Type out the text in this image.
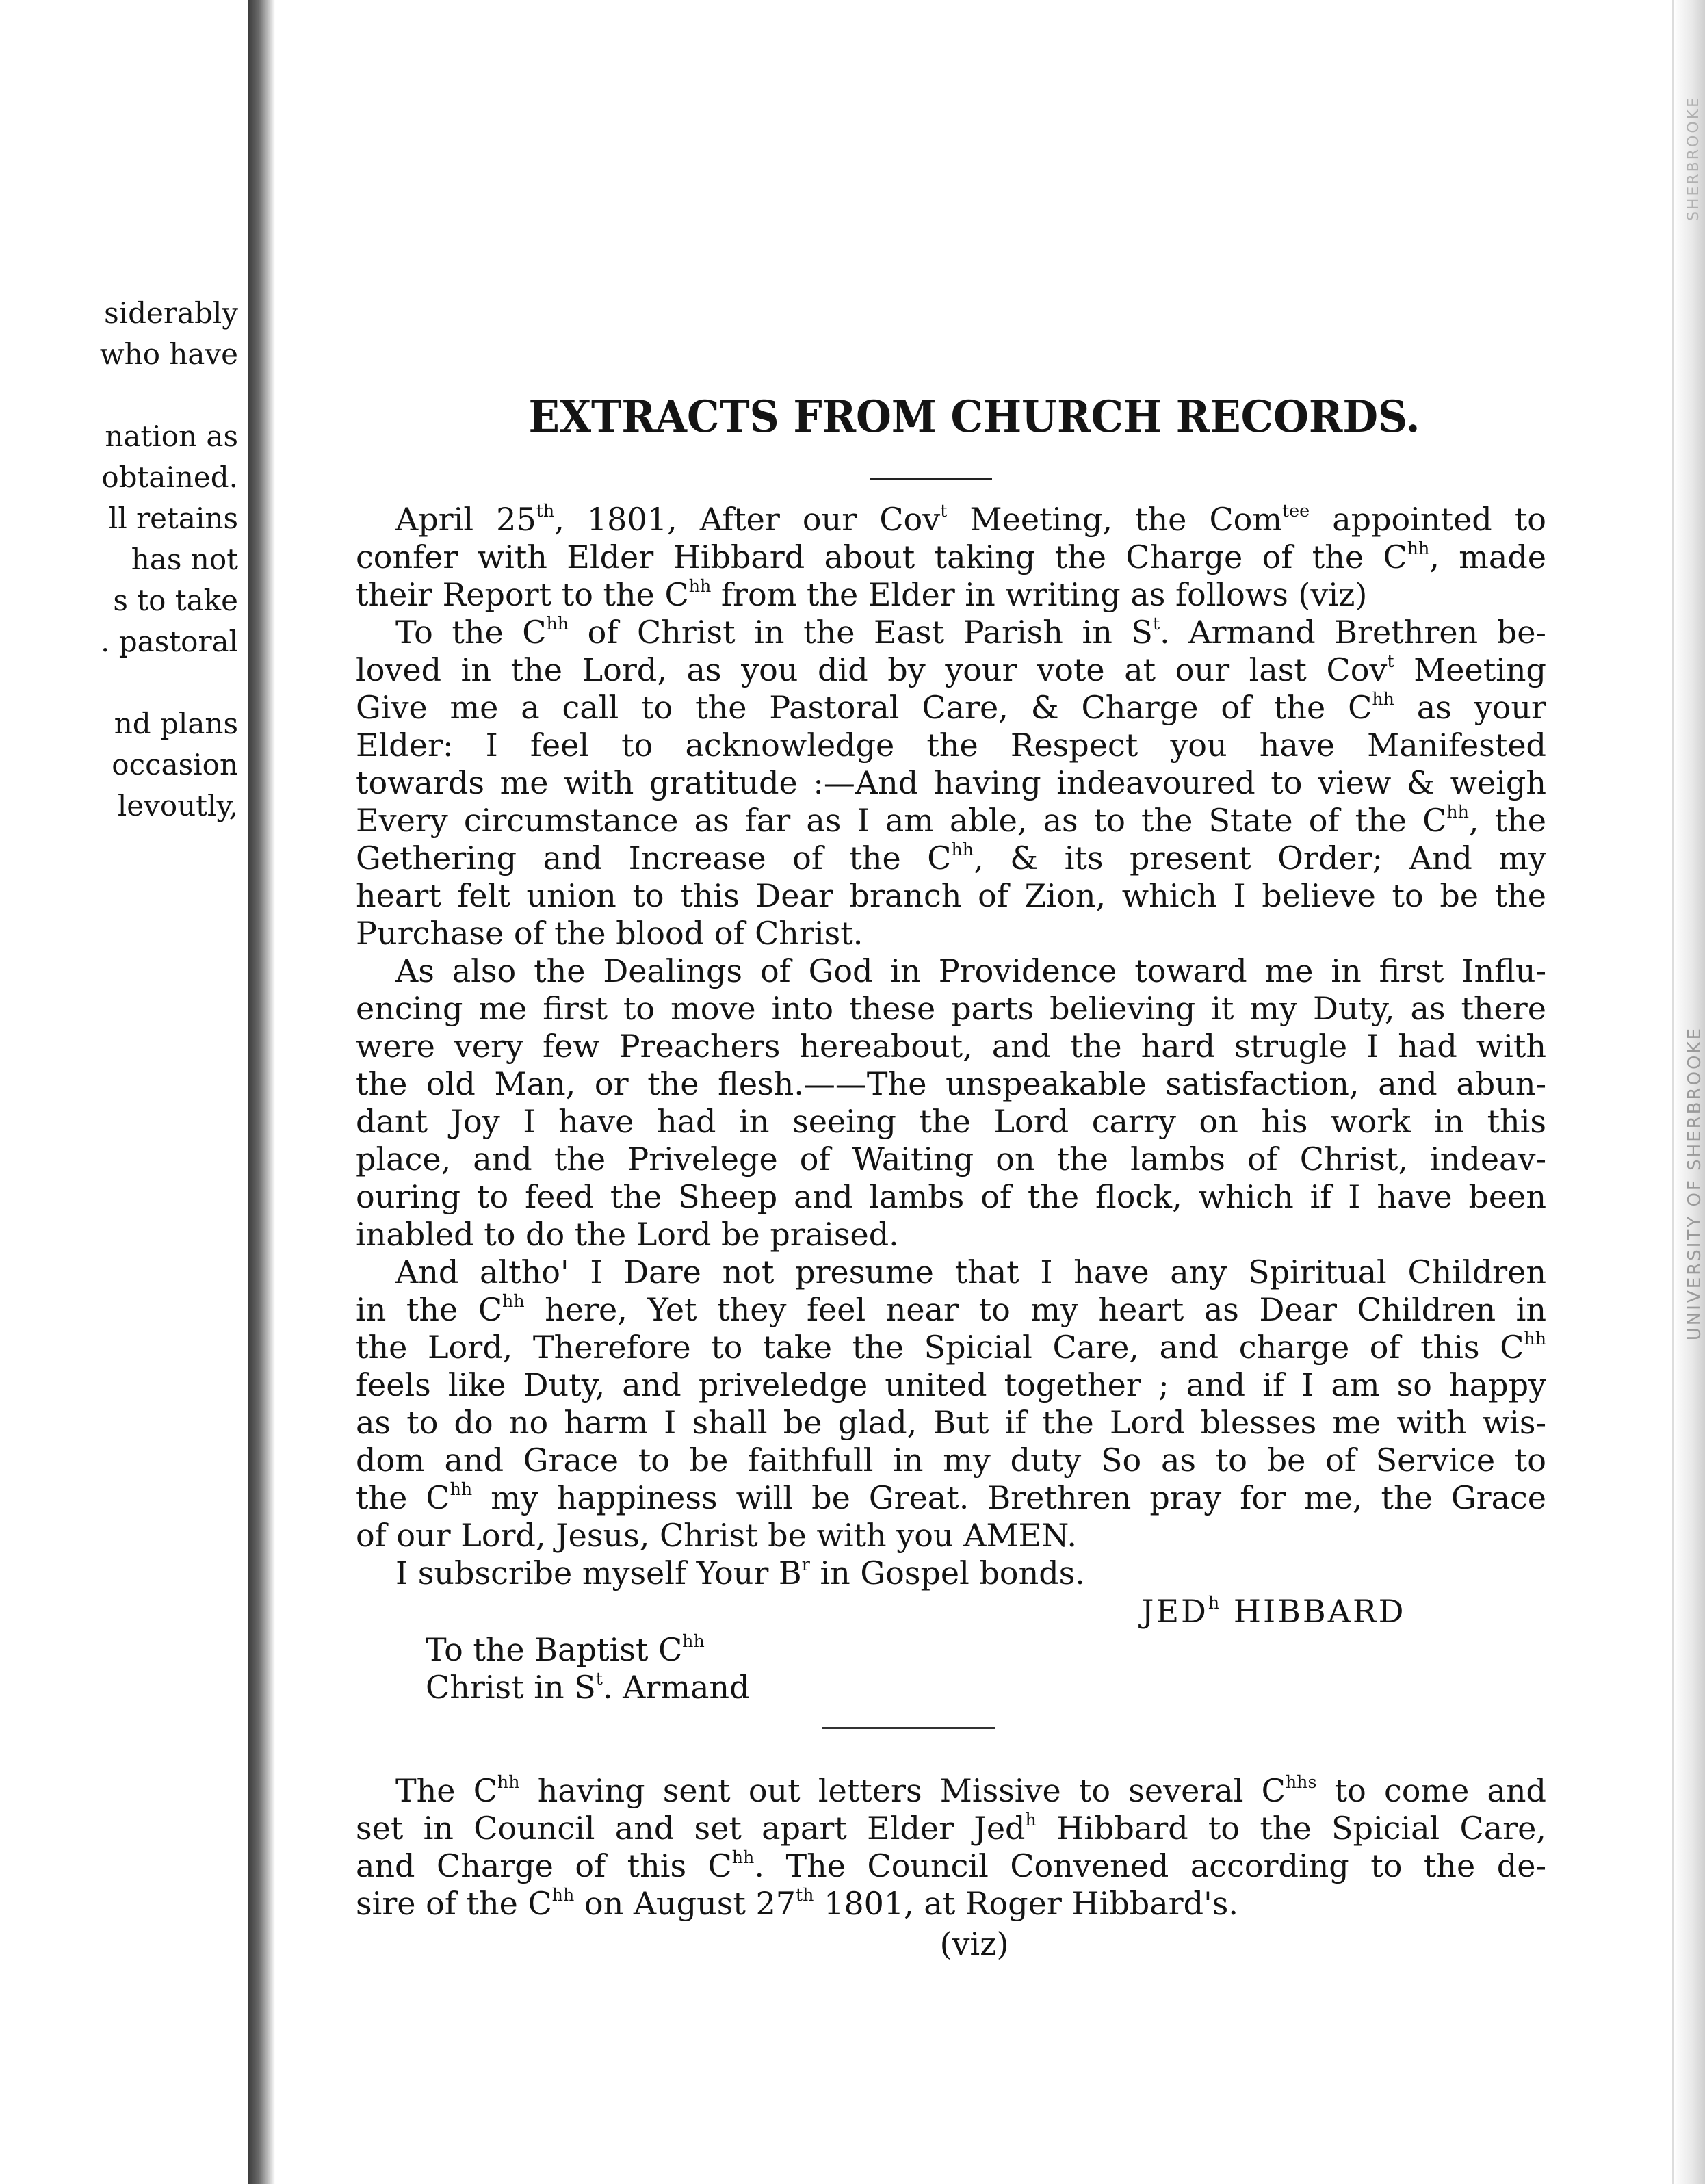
siderably
who have
nation as
obtained.
ll retains
has not
s to take
. pastoral
nd plans
occasion
levoutly,
EXTRACTS FROM CHURCH RECORDS.
April 25th, 1801, After our Cov$^t$ Meeting, the Com$^{tee}$ appointed to
confer with Elder Hibbard about taking the Charge of the $C^{hh}$, made
their Report to the $C^{hh}$ from the Elder in writing as follows (viz)
To the $C^{hh}$ of Christ in the East Parish in $S^t$. Armand Brethren be-
loved in the Lord, as you did by your vote at our last Cov$^t$ Meeting
Give me a call to the Pastoral Care, & Charge of the $C^{hh}$ as your
Elder: I feel to acknowledge the Respect you have Manifested
towards me with gratitude :—And having indeavoured to view & weigh
Every circumstance as far as I am able, as to the State of the $C^{hh}$, the
Gethering and Increase of the $C^{hh}$, & its present Order; And my
heart felt union to this Dear branch of Zion, which I believe to be the
Purchase of the blood of Christ.
As also the Dealings of God in Providence toward me in first Influ-
encing me first to move into these parts believing it my Duty, as there
were very few Preachers hereabout, and the hard strugle I had with
the old Man, or the flesh.——The unspeakable satisfaction, and abun-
dant Joy I have had in seeing the Lord carry on his work in this
place, and the Privelege of Waiting on the lambs of Christ, indeav-
ouring to feed the Sheep and lambs of the flock, which if I have been
inabled to do the Lord be praised.
And altho' I Dare not presume that I have any Spiritual Children
in the $C^{hh}$ here, Yet they feel near to my heart as Dear Children in
the Lord, Therefore to take the Spicial Care, and charge of this $C^{hh}$
feels like Duty, and priveledge united together ; and if I am so happy
as to do no harm I shall be glad, But if the Lord blesses me with wis-
dom and Grace to be faithfull in my duty So as to be of Service to
the $C^{hh}$ my happiness will be Great. Brethren pray for me, the Grace
of our Lord, Jesus, Christ be with you AMEN.
I subscribe myself Your $B^r$ in Gospel bonds.
JED$^h$ HIBBARD
To the Baptist $C^{hh}$
Christ in $S^t$. Armand
The $C^{hh}$ having sent out letters Missive to several $C^{hhs}$ to come and
set in Council and set apart Elder Jed$^h$ Hibbard to the Spicial Care,
and Charge of this $C^{hh}$. The Council Convened according to the de-
sire of the $C^{hh}$ on August 27th 1801, at Roger Hibbard's.
(viz)
SHERBROOKE
UNIVERSITY OF SHERBROOKE
